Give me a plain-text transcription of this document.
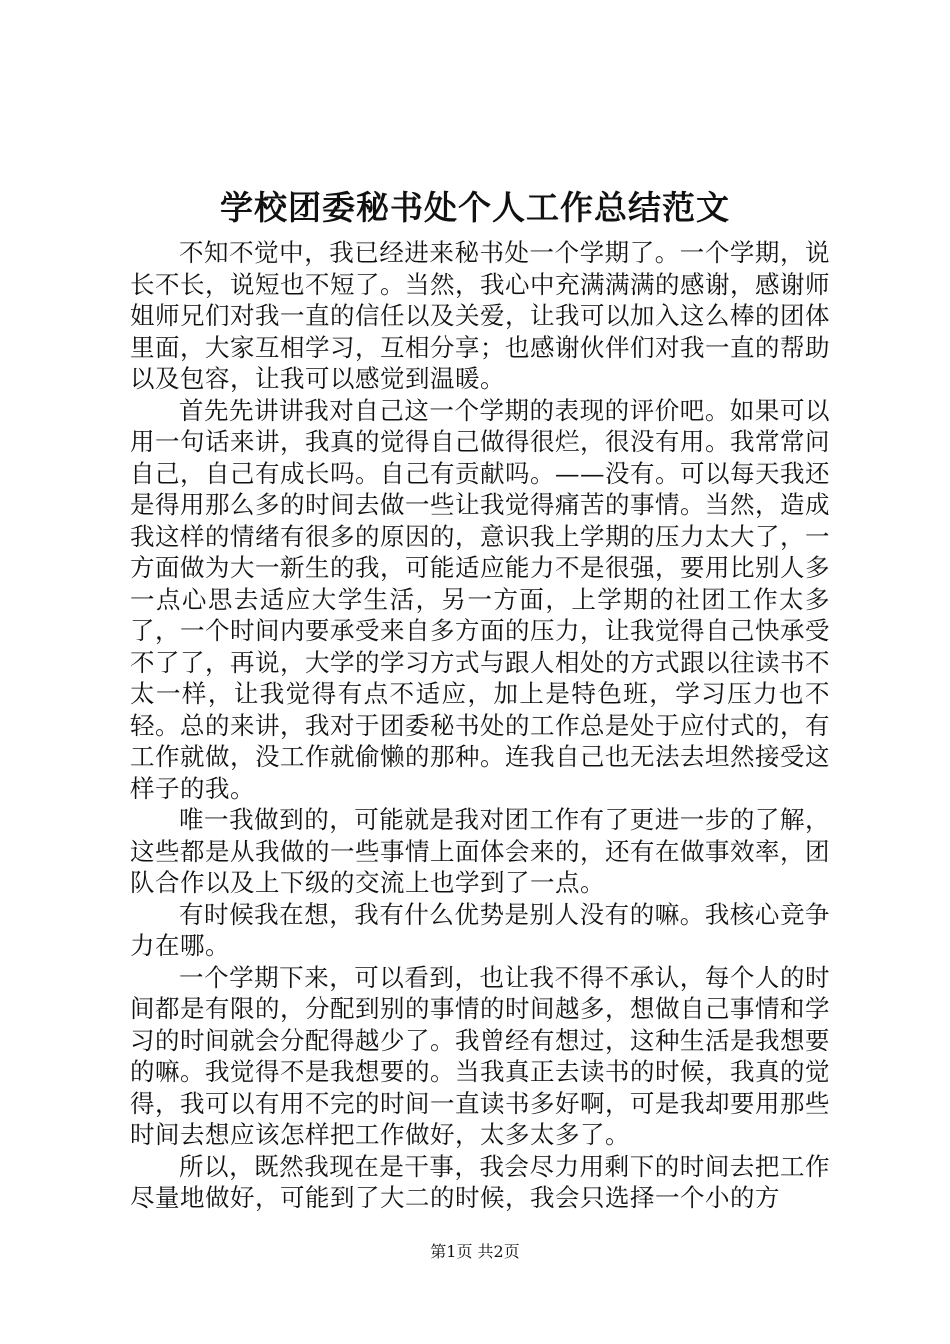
学校团委秘书处个人工作总结范文

不知不觉中，我已经进来秘书处一个学期了。一个学期，说长不长，说短也不短了。当然，我心中充满满满的感谢，感谢师姐师兄们对我一直的信任以及关爱，让我可以加入这么棒的团体里面，大家互相学习，互相分享；也感谢伙伴们对我一直的帮助以及包容，让我可以感觉到温暖。

首先先讲讲我对自己这一个学期的表现的评价吧。如果可以用一句话来讲，我真的觉得自己做得很烂，很没有用。我常常问自己，自己有成长吗。自己有贡献吗。——没有。可以每天我还是得用那么多的时间去做一些让我觉得痛苦的事情。当然，造成我这样的情绪有很多的原因的，意识我上学期的压力太大了，一方面做为大一新生的我，可能适应能力不是很强，要用比别人多一点心思去适应大学生活，另一方面，上学期的社团工作太多了，一个时间内要承受来自多方面的压力，让我觉得自己快承受不了了，再说，大学的学习方式与跟人相处的方式跟以往读书不太一样，让我觉得有点不适应，加上是特色班，学习压力也不轻。总的来讲，我对于团委秘书处的工作总是处于应付式的，有工作就做，没工作就偷懒的那种。连我自己也无法去坦然接受这样子的我。

唯一我做到的，可能就是我对团工作有了更进一步的了解，这些都是从我做的一些事情上面体会来的，还有在做事效率，团队合作以及上下级的交流上也学到了一点。

有时候我在想，我有什么优势是别人没有的嘛。我核心竞争力在哪。

一个学期下来，可以看到，也让我不得不承认，每个人的时间都是有限的，分配到别的事情的时间越多，想做自己事情和学习的时间就会分配得越少了。我曾经有想过，这种生活是我想要的嘛。我觉得不是我想要的。当我真正去读书的时候，我真的觉得，我可以有用不完的时间一直读书多好啊，可是我却要用那些时间去想应该怎样把工作做好，太多太多了。

所以，既然我现在是干事，我会尽力用剩下的时间去把工作尽量地做好，可能到了大二的时候，我会只选择一个小的方

第1页 共2页
